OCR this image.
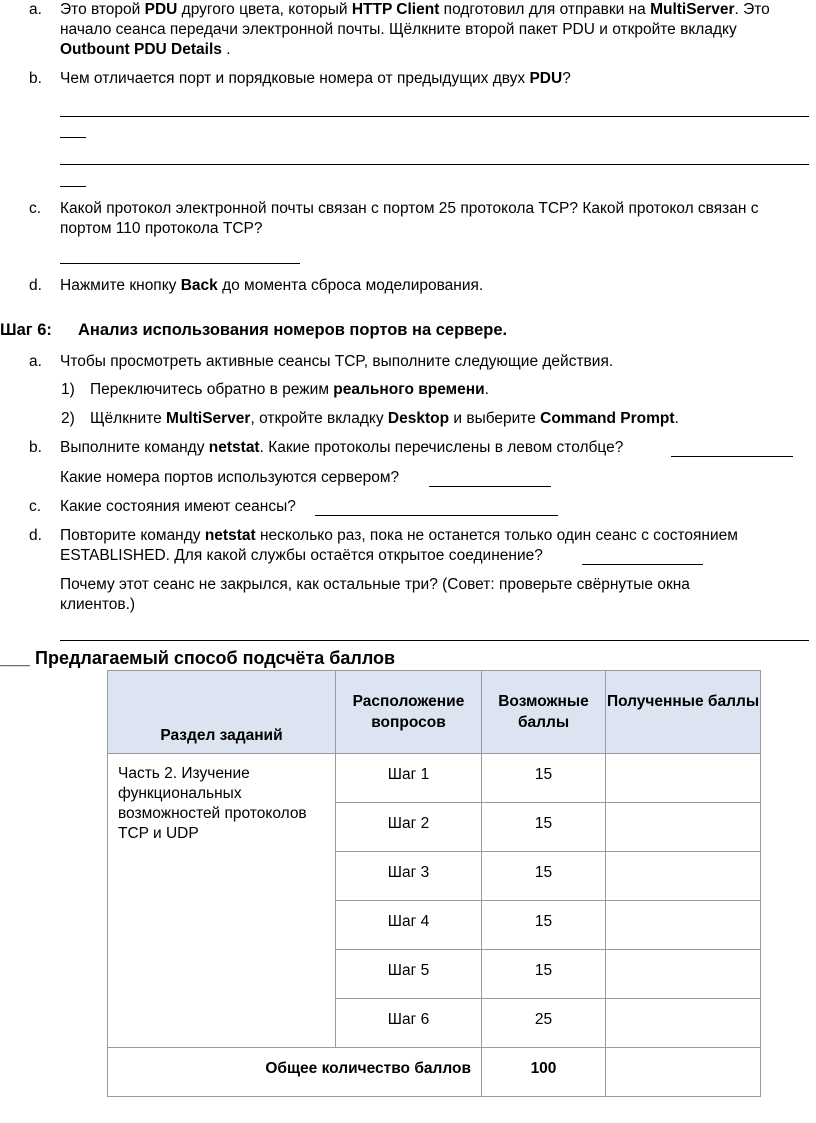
a. Это второй PDU другого цвета, который HTTP Client подготовил для отправки на MultiServer. Это начало сеанса передачи электронной почты. Щёлкните второй пакет PDU и откройте вкладку Outbount PDU Details .
b. Чем отличается порт и порядковые номера от предыдущих двух PDU?
c. Какой протокол электронной почты связан с портом 25 протокола TCP? Какой протокол связан с портом 110 протокола TCP?
d. Нажмите кнопку Back до момента сброса моделирования.
Шаг 6: Анализ использования номеров портов на сервере.
a. Чтобы просмотреть активные сеансы TCP, выполните следующие действия.
1) Переключитесь обратно в режим реального времени.
2) Щёлкните MultiServer, откройте вкладку Desktop и выберите Command Prompt.
b. Выполните команду netstat. Какие протоколы перечислены в левом столбце?
Какие номера портов используются сервером?
c. Какие состояния имеют сеансы?
d. Повторите команду netstat несколько раз, пока не останется только один сеанс с состоянием ESTABLISHED. Для какой службы остаётся открытое соединение?
Почему этот сеанс не закрылся, как остальные три? (Совет: проверьте свёрнутые окна клиентов.)
___ Предлагаемый способ подсчёта баллов
Раздел заданий	Расположение вопросов	Возможные баллы	Полученные баллы

Часть 2. Изучение функциональных возможностей протоколов TCP и UDP	Шаг 1	15	

	Шаг 2	15	

	Шаг 3	15	

	Шаг 4	15	

	Шаг 5	15	

	Шаг 6	25	

Общее количество баллов		100	
